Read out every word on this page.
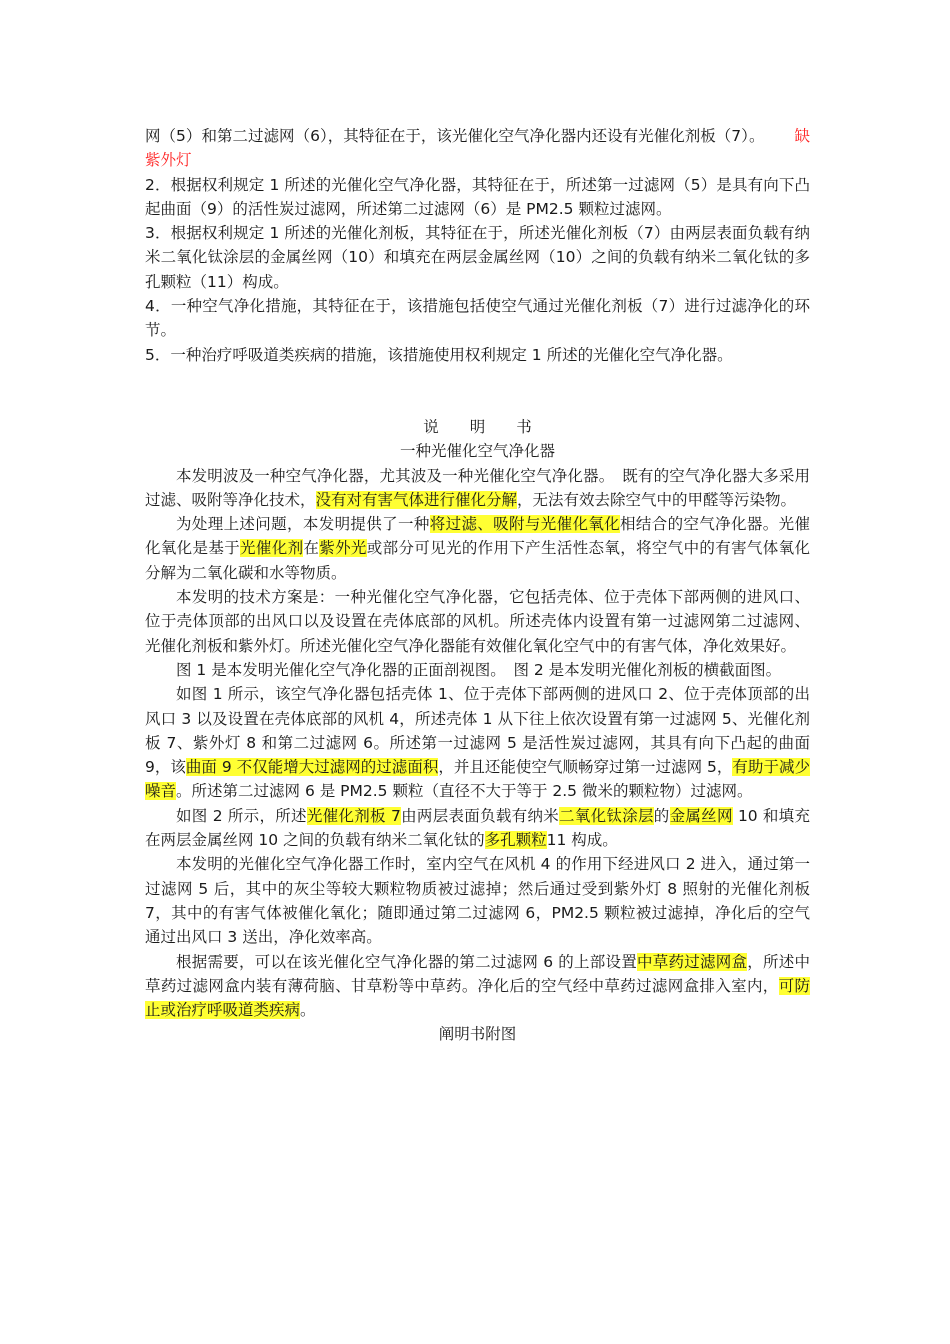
网（5）和第二过滤网（6），其特征在于，该光催化空气净化器内还设有光催化剂板（7）。 缺紫外灯

2．根据权利规定 1 所述的光催化空气净化器，其特征在于，所述第一过滤网（5）是具有向下凸起曲面（9）的活性炭过滤网，所述第二过滤网（6）是 PM2.5 颗粒过滤网。

3．根据权利规定 1 所述的光催化剂板，其特征在于，所述光催化剂板（7）由两层表面负载有纳米二氧化钛涂层的金属丝网（10）和填充在两层金属丝网（10）之间的负载有纳米二氧化钛的多孔颗粒（11）构成。

4．一种空气净化措施，其特征在于，该措施包括使空气通过光催化剂板（7）进行过滤净化的环节。

5．一种治疗呼吸道类疾病的措施，该措施使用权利规定 1 所述的光催化空气净化器。

说　　明　　书

一种光催化空气净化器

本发明波及一种空气净化器，尤其波及一种光催化空气净化器。　既有的空气净化器大多采用过滤、吸附等净化技术，没有对有害气体进行催化分解，无法有效去除空气中的甲醛等污染物。

为处理上述问题，本发明提供了一种将过滤、吸附与光催化氧化相结合的空气净化器。光催化氧化是基于光催化剂在紫外光或部分可见光的作用下产生活性态氧，将空气中的有害气体氧化分解为二氧化碳和水等物质。

本发明的技术方案是：一种光催化空气净化器，它包括壳体、位于壳体下部两侧的进风口、位于壳体顶部的出风口以及设置在壳体底部的风机。所述壳体内设置有第一过滤网第二过滤网、光催化剂板和紫外灯。所述光催化空气净化器能有效催化氧化空气中的有害气体，净化效果好。

图 1 是本发明光催化空气净化器的正面剖视图。　图 2 是本发明光催化剂板的横截面图。

如图 1 所示，该空气净化器包括壳体 1、位于壳体下部两侧的进风口 2、位于壳体顶部的出风口 3 以及设置在壳体底部的风机 4，所述壳体 1 从下往上依次设置有第一过滤网 5、光催化剂板 7、紫外灯 8 和第二过滤网 6。所述第一过滤网 5 是活性炭过滤网，其具有向下凸起的曲面 9，该曲面 9 不仅能增大过滤网的过滤面积，并且还能使空气顺畅穿过第一过滤网 5，有助于减少噪音。所述第二过滤网 6 是 PM2.5 颗粒（直径不大于等于 2.5 微米的颗粒物）过滤网。

如图 2 所示，所述光催化剂板 7由两层表面负载有纳米二氧化钛涂层的金属丝网 10 和填充在两层金属丝网 10 之间的负载有纳米二氧化钛的多孔颗粒11 构成。

本发明的光催化空气净化器工作时，室内空气在风机 4 的作用下经进风口 2 进入，通过第一过滤网 5 后，其中的灰尘等较大颗粒物质被过滤掉；然后通过受到紫外灯 8 照射的光催化剂板 7，其中的有害气体被催化氧化；随即通过第二过滤网 6，PM2.5 颗粒被过滤掉，净化后的空气通过出风口 3 送出，净化效率高。

根据需要，可以在该光催化空气净化器的第二过滤网 6 的上部设置中草药过滤网盒，所述中草药过滤网盒内装有薄荷脑、甘草粉等中草药。净化后的空气经中草药过滤网盒排入室内，可防止或治疗呼吸道类疾病。

阐明书附图
